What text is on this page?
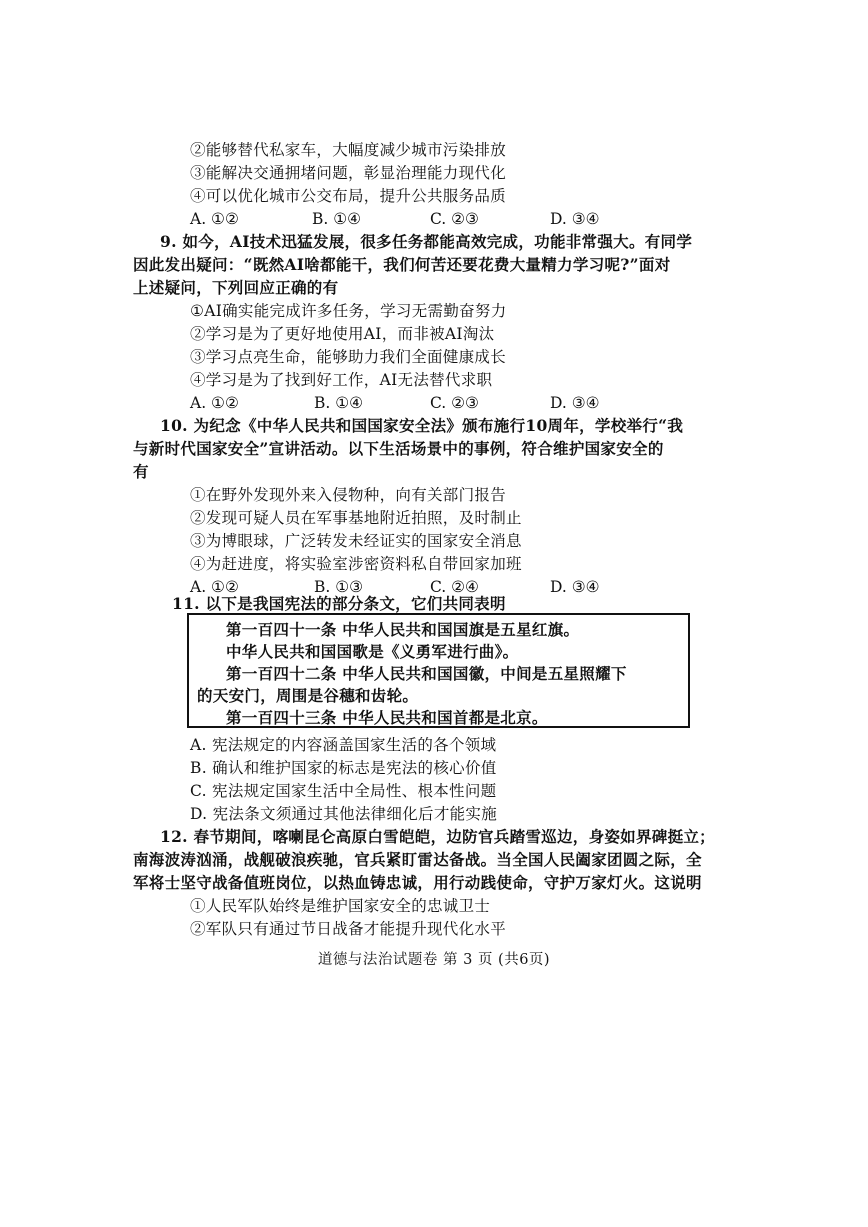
②能够替代私家车，大幅度减少城市污染排放
③能解决交通拥堵问题，彰显治理能力现代化
④可以优化城市公交布局，提升公共服务品质
A. ①②	B. ①④	C. ②③	D. ③④
9. 如今，AI技术迅猛发展，很多任务都能高效完成，功能非常强大。有同学
因此发出疑问：“既然AI啥都能干，我们何苦还要花费大量精力学习呢?”面对
上述疑问，下列回应正确的有
①AI确实能完成许多任务，学习无需勤奋努力
②学习是为了更好地使用AI，而非被AI淘汰
③学习点亮生命，能够助力我们全面健康成长
④学习是为了找到好工作，AI无法替代求职
A. ①②	B. ①④	C. ②③	D. ③④
10. 为纪念《中华人民共和国国家安全法》颁布施行10周年，学校举行“我
与新时代国家安全”宣讲活动。以下生活场景中的事例，符合维护国家安全的
有
①在野外发现外来入侵物种，向有关部门报告
②发现可疑人员在军事基地附近拍照，及时制止
③为博眼球，广泛转发未经证实的国家安全消息
④为赶进度，将实验室涉密资料私自带回家加班
A. ①②	B. ①③	C. ②④	D. ③④
11. 以下是我国宪法的部分条文，它们共同表明
第一百四十一条 中华人民共和国国旗是五星红旗。
中华人民共和国国歌是《义勇军进行曲》。
第一百四十二条 中华人民共和国国徽，中间是五星照耀下
的天安门，周围是谷穗和齿轮。
第一百四十三条 中华人民共和国首都是北京。
A. 宪法规定的内容涵盖国家生活的各个领域
B. 确认和维护国家的标志是宪法的核心价值
C. 宪法规定国家生活中全局性、根本性问题
D. 宪法条文须通过其他法律细化后才能实施
12. 春节期间，喀喇昆仑高原白雪皑皑，边防官兵踏雪巡边，身姿如界碑挺立；
南海波涛汹涌，战舰破浪疾驰，官兵紧盯雷达备战。当全国人民阖家团圆之际，全
军将士坚守战备值班岗位，以热血铸忠诚，用行动践使命，守护万家灯火。这说明
①人民军队始终是维护国家安全的忠诚卫士
②军队只有通过节日战备才能提升现代化水平
道德与法治试题卷 第 3 页 (共6页)
